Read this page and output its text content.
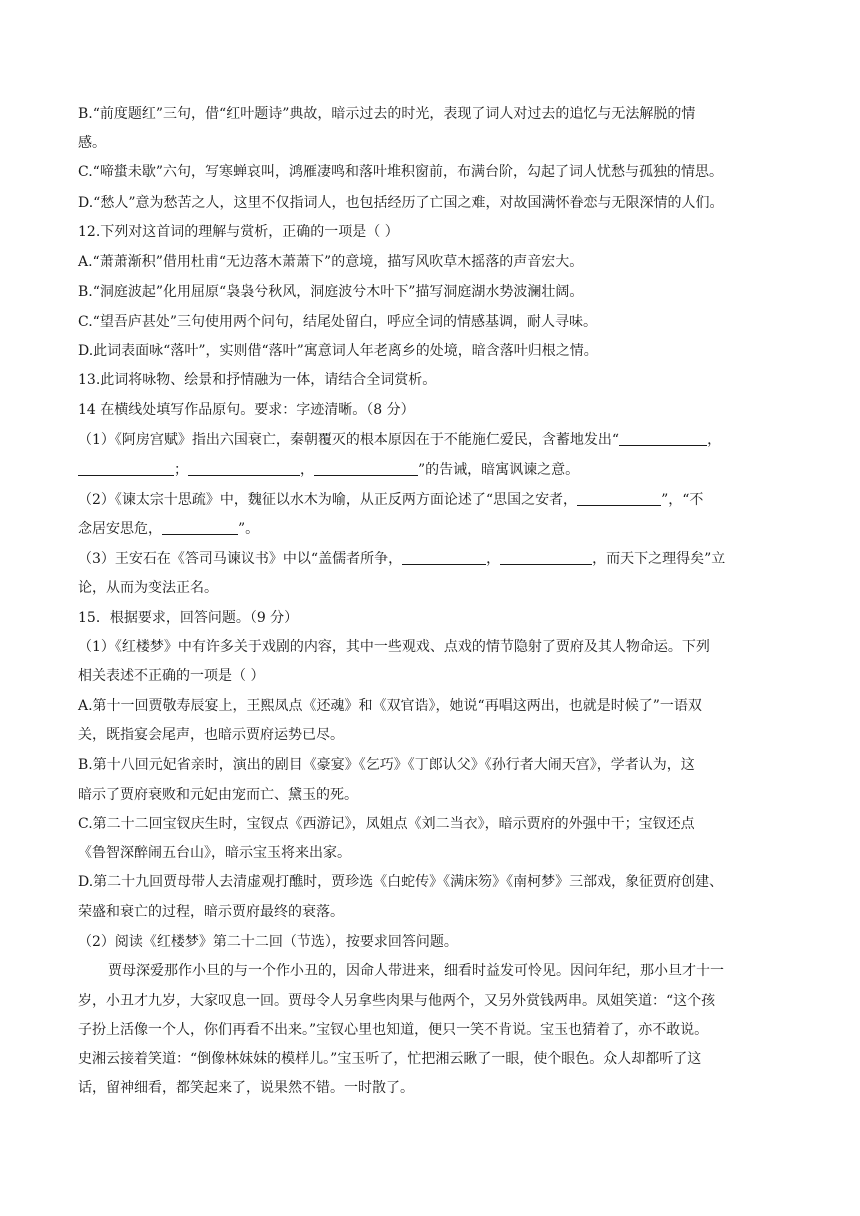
B.“前度题红”三句，借“红叶题诗”典故，暗示过去的时光，表现了词人对过去的追忆与无法解脱的情
感。
C.“啼螀未歇”六句，写寒蝉哀叫，鸿雁凄鸣和落叶堆积窗前，布满台阶，勾起了词人忧愁与孤独的情思。
D.“愁人”意为愁苦之人，这里不仅指词人，也包括经历了亡国之难，对故国满怀眷恋与无限深情的人们。
12.下列对这首词的理解与赏析，正确的一项是（ ）
A.“萧萧渐积”借用杜甫“无边落木萧萧下”的意境，描写风吹草木摇落的声音宏大。
B.“洞庭波起”化用屈原“袅袅兮秋风，洞庭波兮木叶下”描写洞庭湖水势波澜壮阔。
C.“望吾庐甚处”三句使用两个问句，结尾处留白，呼应全词的情感基调，耐人寻味。
D.此词表面咏“落叶”，实则借“落叶”寓意词人年老离乡的处境，暗含落叶归根之情。
13.此词将咏物、绘景和抒情融为一体，请结合全词赏析。
14 在横线处填写作品原句。要求：字迹清晰。（8 分）
（1）《阿房宫赋》指出六国衰亡，秦朝覆灭的根本原因在于不能施仁爱民，含蓄地发出“	，
；	，	”的告诫，暗寓讽谏之意。
（2）《谏太宗十思疏》中，魏征以水木为喻，从正反两方面论述了“思国之安者，	”，“不
念居安思危，	”。
（3）王安石在《答司马谏议书》中以“盖儒者所争，	，	，而天下之理得矣”立
论，从而为变法正名。
15．根据要求，回答问题。（9 分）
（1）《红楼梦》中有许多关于戏剧的内容，其中一些观戏、点戏的情节隐射了贾府及其人物命运。下列
相关表述不正确的一项是（ ）
A.第十一回贾敬寿辰宴上，王熙凤点《还魂》和《双官诰》，她说“再唱这两出，也就是时候了”一语双
关，既指宴会尾声，也暗示贾府运势已尽。
B.第十八回元妃省亲时，演出的剧目《豪宴》《乞巧》《丁郎认父》《孙行者大闹天宫》，学者认为，这
暗示了贾府衰败和元妃由宠而亡、黛玉的死。
C.第二十二回宝钗庆生时，宝钗点《西游记》，凤姐点《刘二当衣》，暗示贾府的外强中干；宝钗还点
《鲁智深醉闹五台山》，暗示宝玉将来出家。
D.第二十九回贾母带人去清虚观打醮时，贾珍选《白蛇传》《满床笏》《南柯梦》三部戏，象征贾府创建、
荣盛和衰亡的过程，暗示贾府最终的衰落。
（2）阅读《红楼梦》第二十二回（节选），按要求回答问题。
贾母深爱那作小旦的与一个作小丑的，因命人带进来，细看时益发可怜见。因问年纪，那小旦才十一
岁，小丑才九岁，大家叹息一回。贾母令人另拿些肉果与他两个，又另外赏钱两串。凤姐笑道：“这个孩
子扮上活像一个人，你们再看不出来。”宝钗心里也知道，便只一笑不肯说。宝玉也猜着了，亦不敢说。
史湘云接着笑道：“倒像林妹妹的模样儿。”宝玉听了，忙把湘云瞅了一眼，使个眼色。众人却都听了这
话，留神细看，都笑起来了，说果然不错。一时散了。
